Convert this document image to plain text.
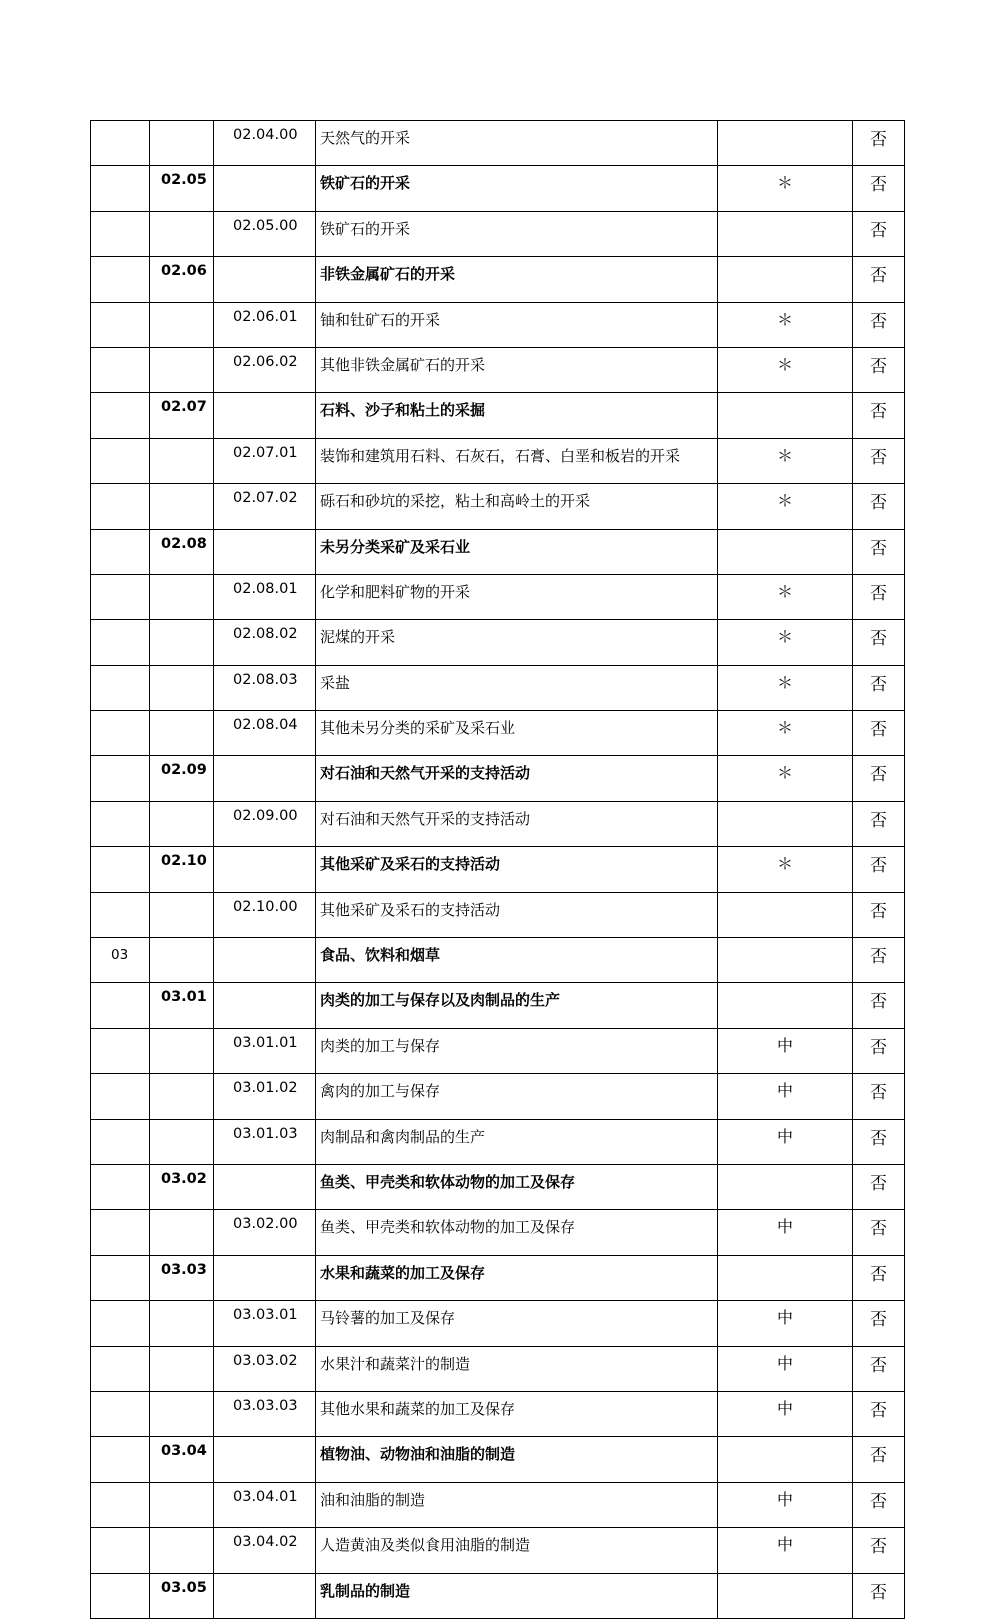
		02.04.00	天然气的开采		否
	02.05		铁矿石的开采	＊	否
		02.05.00	铁矿石的开采		否
	02.06		非铁金属矿石的开采		否
		02.06.01	铀和钍矿石的开采	＊	否
		02.06.02	其他非铁金属矿石的开采	＊	否
	02.07		石料、沙子和粘土的采掘		否
		02.07.01	装饰和建筑用石料、石灰石，石膏、白垩和板岩的开采	＊	否
		02.07.02	砾石和砂坑的采挖，粘土和高岭土的开采	＊	否
	02.08		未另分类采矿及采石业		否
		02.08.01	化学和肥料矿物的开采	＊	否
		02.08.02	泥煤的开采	＊	否
		02.08.03	采盐	＊	否
		02.08.04	其他未另分类的采矿及采石业	＊	否
	02.09		对石油和天然气开采的支持活动	＊	否
		02.09.00	对石油和天然气开采的支持活动		否
	02.10		其他采矿及采石的支持活动	＊	否
		02.10.00	其他采矿及采石的支持活动		否
03			食品、饮料和烟草		否
	03.01		肉类的加工与保存以及肉制品的生产		否
		03.01.01	肉类的加工与保存	中	否
		03.01.02	禽肉的加工与保存	中	否
		03.01.03	肉制品和禽肉制品的生产	中	否
	03.02		鱼类、甲壳类和软体动物的加工及保存		否
		03.02.00	鱼类、甲壳类和软体动物的加工及保存	中	否
	03.03		水果和蔬菜的加工及保存		否
		03.03.01	马铃薯的加工及保存	中	否
		03.03.02	水果汁和蔬菜汁的制造	中	否
		03.03.03	其他水果和蔬菜的加工及保存	中	否
	03.04		植物油、动物油和油脂的制造		否
		03.04.01	油和油脂的制造	中	否
		03.04.02	人造黄油及类似食用油脂的制造	中	否
	03.05		乳制品的制造		否
